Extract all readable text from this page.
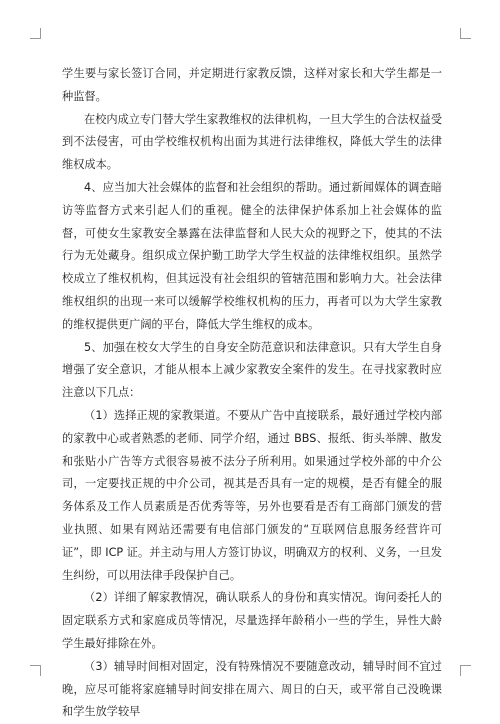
学生要与家长签订合同，并定期进行家教反馈，这样对家长和大学生都是一种监督。

在校内成立专门替大学生家教维权的法律机构，一旦大学生的合法权益受到不法侵害，可由学校维权机构出面为其进行法律维权，降低大学生的法律维权成本。

4、应当加大社会媒体的监督和社会组织的帮助。通过新闻媒体的调查暗访等监督方式来引起人们的重视。健全的法律保护体系加上社会媒体的监督，可使女生家教安全暴露在法律监督和人民大众的视野之下，使其的不法行为无处藏身。组织成立保护勤工助学大学生权益的法律维权组织。虽然学校成立了维权机构，但其远没有社会组织的管辖范围和影响力大。社会法律维权组织的出现一来可以缓解学校维权机构的压力，再者可以为大学生家教的维权提供更广阔的平台，降低大学生维权的成本。

5、加强在校女大学生的自身安全防范意识和法律意识。只有大学生自身增强了安全意识，才能从根本上减少家教安全案件的发生。在寻找家教时应注意以下几点：

（1）选择正规的家教渠道。不要从广告中直接联系，最好通过学校内部的家教中心或者熟悉的老师、同学介绍，通过 BBS、报纸、街头举牌、散发和张贴小广告等方式很容易被不法分子所利用。如果通过学校外部的中介公司，一定要找正规的中介公司，视其是否具有一定的规模，是否有健全的服务体系及工作人员素质是否优秀等等，另外也要看是否有工商部门颁发的营业执照、如果有网站还需要有电信部门颁发的“互联网信息服务经营许可证”，即 ICP 证。并主动与用人方签订协议，明确双方的权利、义务，一旦发生纠纷，可以用法律手段保护自己。

（2）详细了解家教情况，确认联系人的身份和真实情况。询问委托人的固定联系方式和家庭成员等情况，尽量选择年龄稍小一些的学生，异性大龄学生最好排除在外。

（3）辅导时间相对固定，没有特殊情况不要随意改动，辅导时间不宜过晚，应尽可能将家庭辅导时间安排在周六、周日的白天，或平常自己没晚课和学生放学较早
